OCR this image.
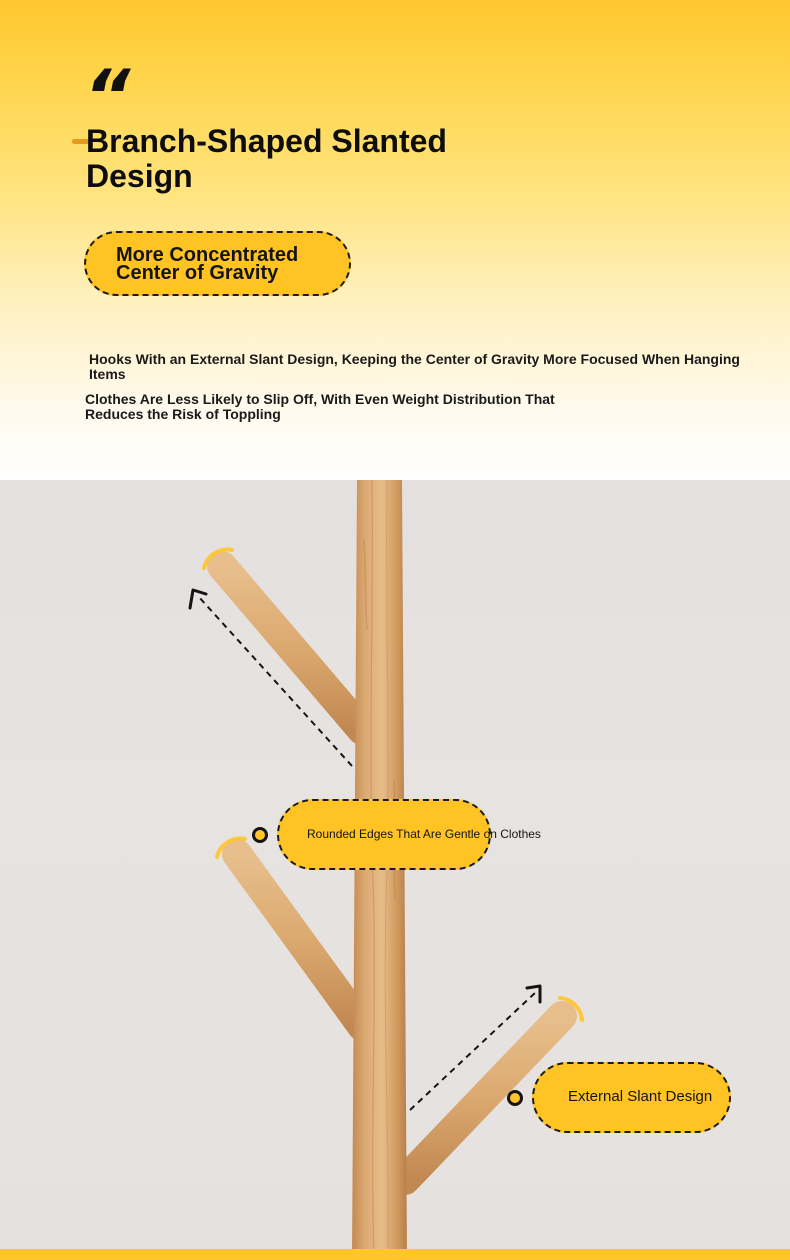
“
Branch-Shaped Slanted Design
More Concentrated Center of Gravity

Hooks With an External Slant Design, Keeping the Center of Gravity More Focused When Hanging Items

Clothes Are Less Likely to Slip Off, With Even Weight Distribution That Reduces the Risk of Toppling

Rounded Edges That Are Gentle on Clothes
External Slant Design
